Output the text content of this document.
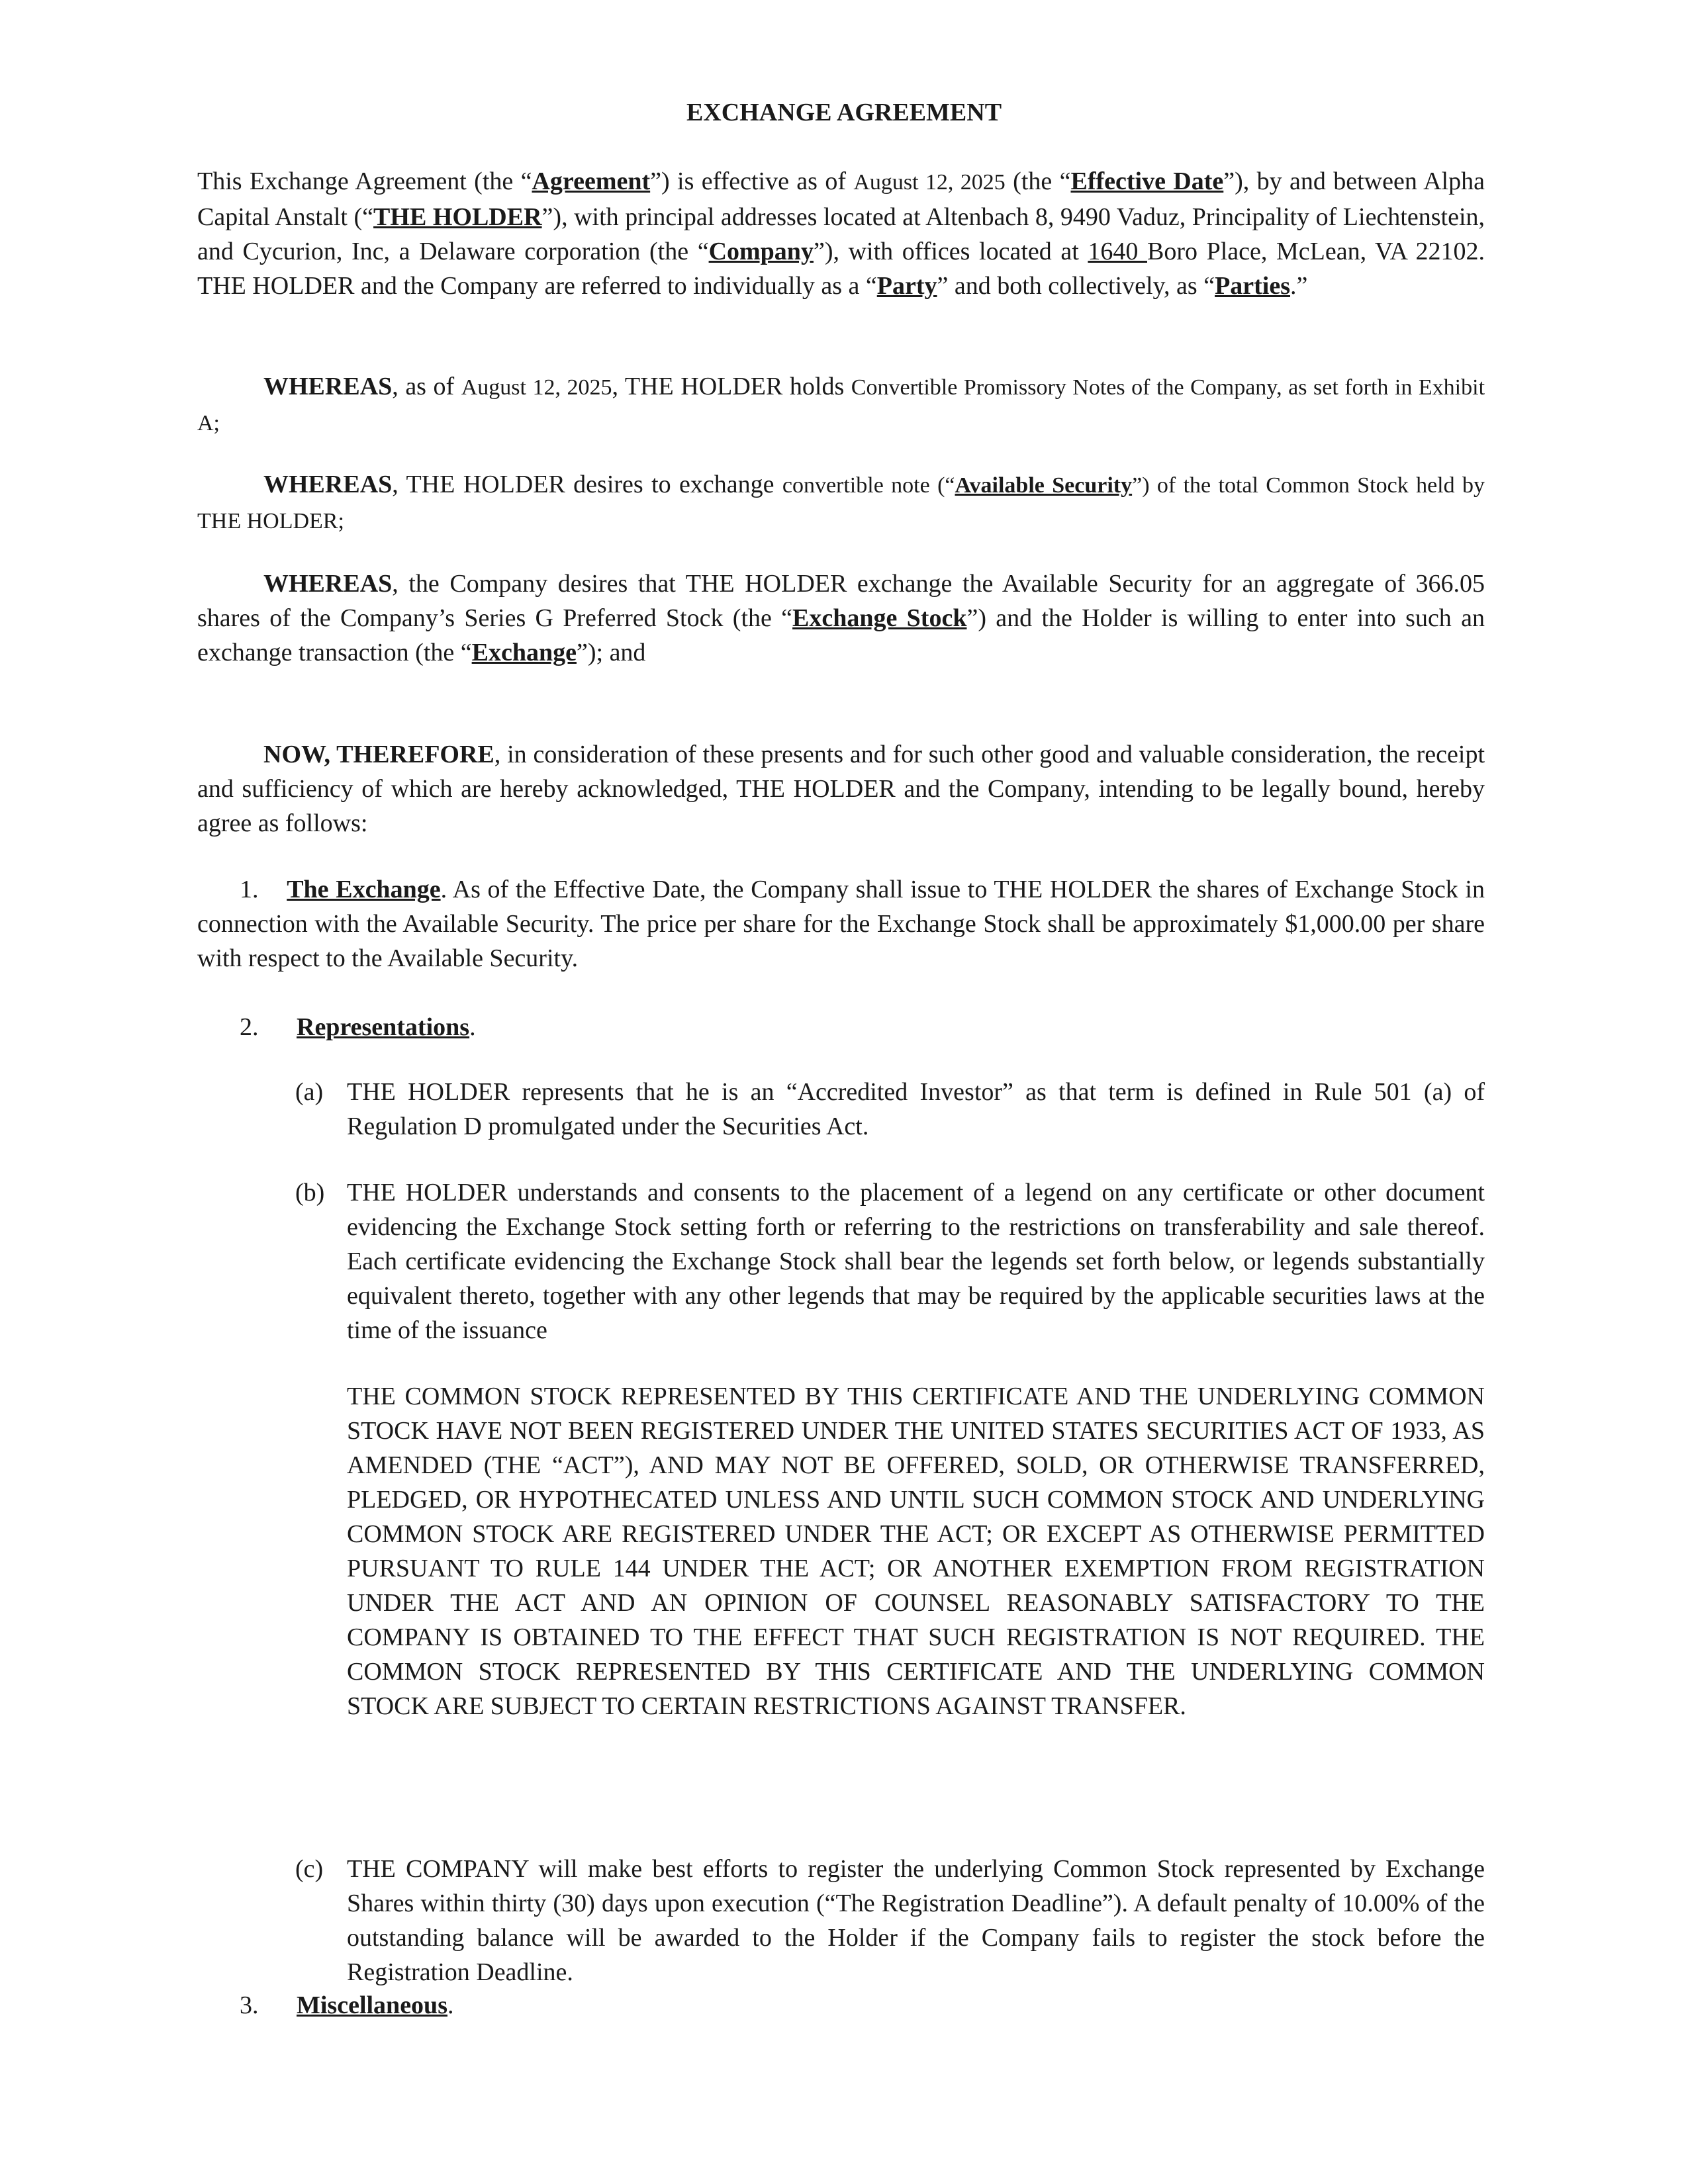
EXCHANGE AGREEMENT
This Exchange Agreement (the “Agreement”) is effective as of August 12, 2025 (the “Effective Date”), by and between Alpha Capital Anstalt (“THE HOLDER”), with principal addresses located at Altenbach 8, 9490 Vaduz, Principality of Liechtenstein, and Cycurion, Inc, a Delaware corporation (the “Company”), with offices located at 1640 Boro Place, McLean, VA 22102. THE HOLDER and the Company are referred to individually as a “Party” and both collectively, as “Parties.”
WHEREAS, as of August 12, 2025, THE HOLDER holds Convertible Promissory Notes of the Company, as set forth in Exhibit A;
WHEREAS, THE HOLDER desires to exchange convertible note (“Available Security”) of the total Common Stock held by THE HOLDER;
WHEREAS, the Company desires that THE HOLDER exchange the Available Security for an aggregate of 366.05 shares of the Company’s Series G Preferred Stock (the “Exchange Stock”) and the Holder is willing to enter into such an exchange transaction (the “Exchange”); and
NOW, THEREFORE, in consideration of these presents and for such other good and valuable consideration, the receipt and sufficiency of which are hereby acknowledged, THE HOLDER and the Company, intending to be legally bound, hereby agree as follows:
1. The Exchange. As of the Effective Date, the Company shall issue to THE HOLDER the shares of Exchange Stock in connection with the Available Security. The price per share for the Exchange Stock shall be approximately $1,000.00 per share with respect to the Available Security.
2. Representations.
(a) THE HOLDER represents that he is an “Accredited Investor” as that term is defined in Rule 501 (a) of Regulation D promulgated under the Securities Act.
(b) THE HOLDER understands and consents to the placement of a legend on any certificate or other document evidencing the Exchange Stock setting forth or referring to the restrictions on transferability and sale thereof. Each certificate evidencing the Exchange Stock shall bear the legends set forth below, or legends substantially equivalent thereto, together with any other legends that may be required by the applicable securities laws at the time of the issuance
THE COMMON STOCK REPRESENTED BY THIS CERTIFICATE AND THE UNDERLYING COMMON STOCK HAVE NOT BEEN REGISTERED UNDER THE UNITED STATES SECURITIES ACT OF 1933, AS AMENDED (THE “ACT”), AND MAY NOT BE OFFERED, SOLD, OR OTHERWISE TRANSFERRED, PLEDGED, OR HYPOTHECATED UNLESS AND UNTIL SUCH COMMON STOCK AND UNDERLYING COMMON STOCK ARE REGISTERED UNDER THE ACT; OR EXCEPT AS OTHERWISE PERMITTED PURSUANT TO RULE 144 UNDER THE ACT; OR ANOTHER EXEMPTION FROM REGISTRATION UNDER THE ACT AND AN OPINION OF COUNSEL REASONABLY SATISFACTORY TO THE COMPANY IS OBTAINED TO THE EFFECT THAT SUCH REGISTRATION IS NOT REQUIRED. THE COMMON STOCK REPRESENTED BY THIS CERTIFICATE AND THE UNDERLYING COMMON STOCK ARE SUBJECT TO CERTAIN RESTRICTIONS AGAINST TRANSFER.
(c) THE COMPANY will make best efforts to register the underlying Common Stock represented by Exchange Shares within thirty (30) days upon execution (“The Registration Deadline”). A default penalty of 10.00% of the outstanding balance will be awarded to the Holder if the Company fails to register the stock before the Registration Deadline.
3. Miscellaneous.
